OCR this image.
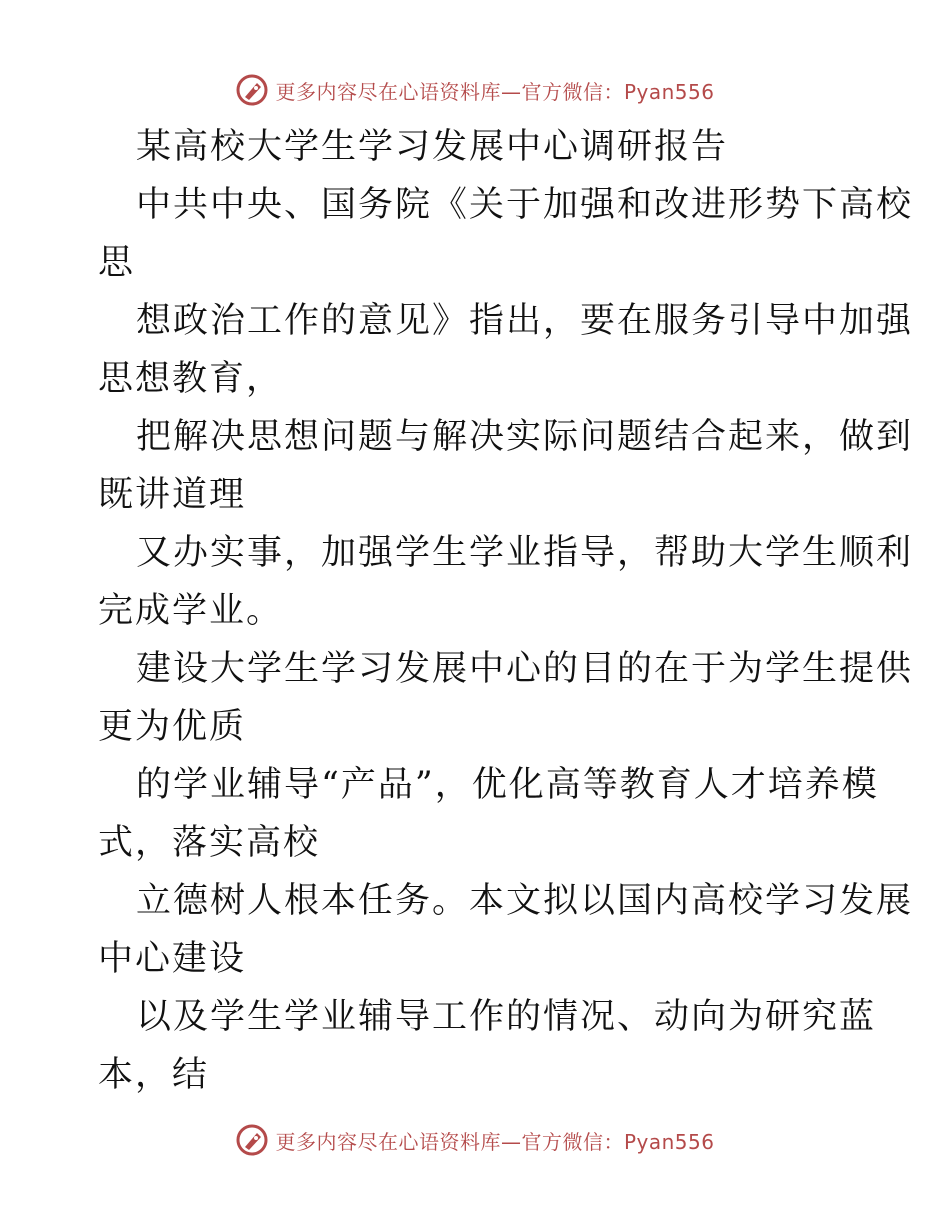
更多内容尽在心语资料库—官方微信：Pyan556
某高校大学生学习发展中心调研报告
中共中央、国务院《关于加强和改进形势下高校
思
想政治工作的意见》指出，要在服务引导中加强
思想教育，
把解决思想问题与解决实际问题结合起来，做到
既讲道理
又办实事，加强学生学业指导，帮助大学生顺利
完成学业。
建设大学生学习发展中心的目的在于为学生提供
更为优质
的学业辅导“产品”，优化高等教育人才培养模
式，落实高校
立德树人根本任务。本文拟以国内高校学习发展
中心建设
以及学生学业辅导工作的情况、动向为研究蓝
本，结
更多内容尽在心语资料库—官方微信：Pyan556
